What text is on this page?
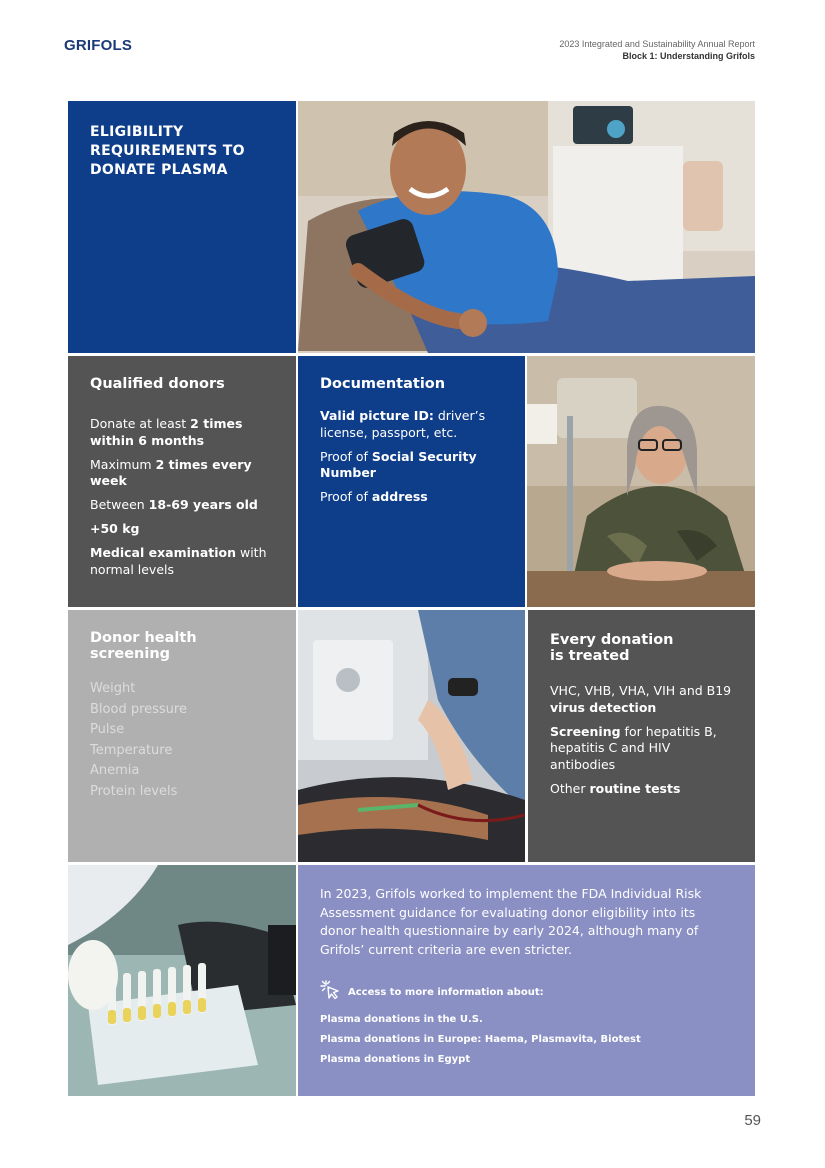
GRIFOLS	2023 Integrated and Sustainability Annual Report
Block 1: Understanding Grifols
ELIGIBILITY
REQUIREMENTS TO
DONATE PLASMA
Qualified donors
Donate at least 2 times within 6 months
Maximum 2 times every week
Between 18-69 years old
+50 kg
Medical examination with normal levels
Documentation
Valid picture ID: driver’s license, passport, etc.
Proof of Social Security Number
Proof of address
Donor health screening
Weight
Blood pressure
Pulse
Temperature
Anemia
Protein levels
Every donation
is treated
VHC, VHB, VHA, VIH and B19 virus detection
Screening for hepatitis B, hepatitis C and HIV antibodies
Other routine tests
In 2023, Grifols worked to implement the FDA Individual Risk Assessment guidance for evaluating donor eligibility into its donor health questionnaire by early 2024, although many of Grifols’ current criteria are even stricter.
Access to more information about:
Plasma donations in the U.S.
Plasma donations in Europe: Haema, Plasmavita, Biotest
Plasma donations in Egypt
59
